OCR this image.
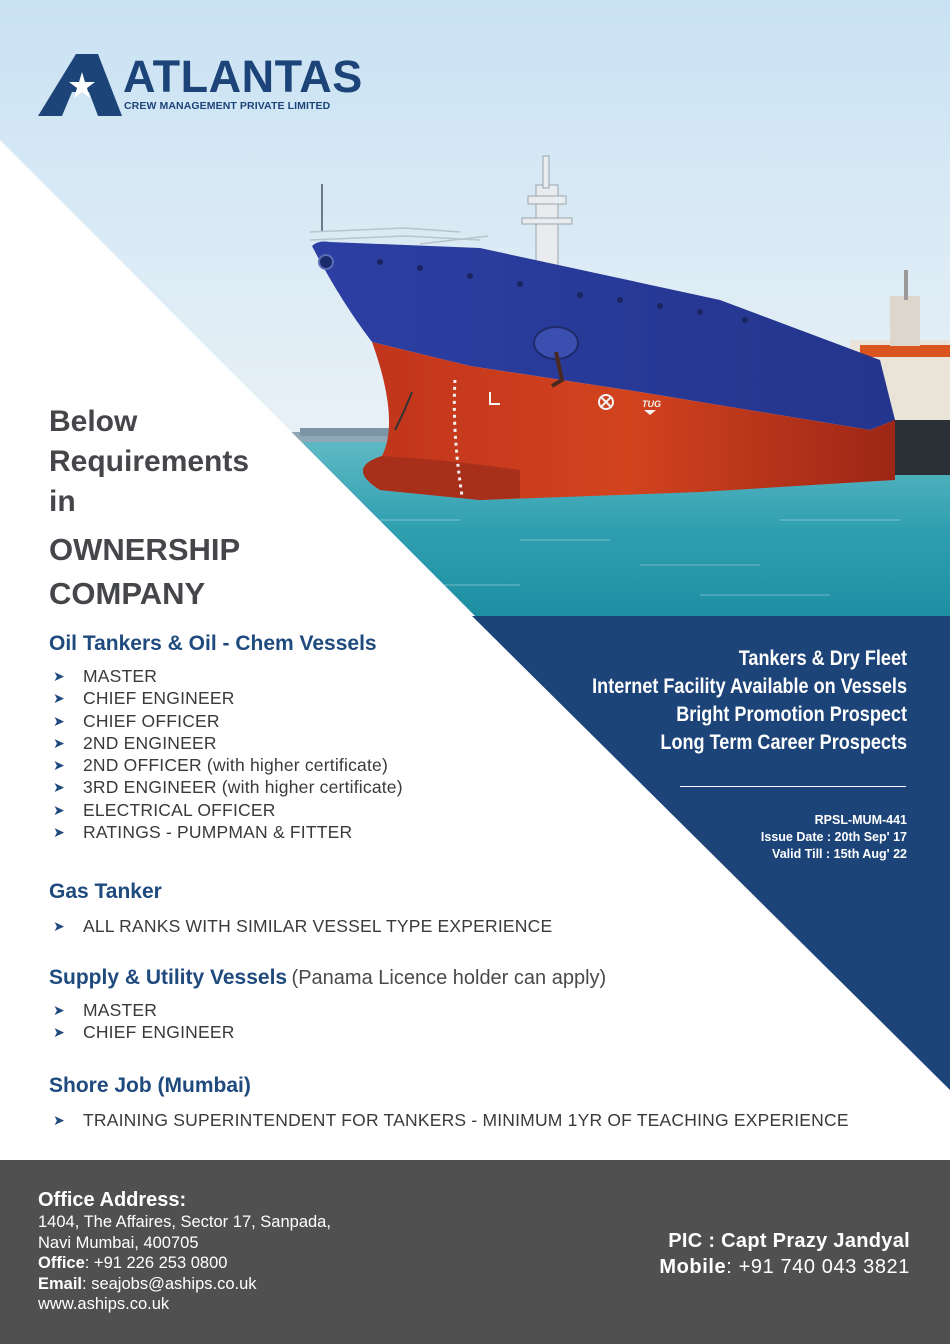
TUG
ATLANTAS
CREW MANAGEMENT PRIVATE LIMITED
Below
Requirements
in
OWNERSHIP
COMPANY
Oil Tankers & Oil - Chem Vessels
➤ MASTER
➤ CHIEF ENGINEER
➤ CHIEF OFFICER
➤ 2ND ENGINEER
➤ 2ND OFFICER (with higher certificate)
➤ 3RD ENGINEER (with higher certificate)
➤ ELECTRICAL OFFICER
➤ RATINGS - PUMPMAN & FITTER
Gas Tanker
➤ ALL RANKS WITH SIMILAR VESSEL TYPE EXPERIENCE
Supply & Utility Vessels (Panama Licence holder can apply)
➤ MASTER
➤ CHIEF ENGINEER
Shore Job (Mumbai)
➤ TRAINING SUPERINTENDENT FOR TANKERS - MINIMUM 1YR OF TEACHING EXPERIENCE
Tankers & Dry Fleet
Internet Facility Available on Vessels
Bright Promotion Prospect
Long Term Career Prospects
RPSL-MUM-441
Issue Date : 20th Sep' 17
Valid Till : 15th Aug' 22
Office Address:
1404, The Affaires, Sector 17, Sanpada,
Navi Mumbai, 400705
Office: +91 226 253 0800
Email: seajobs@aships.co.uk
www.aships.co.uk
PIC : Capt Prazy Jandyal
Mobile: +91 740 043 3821
